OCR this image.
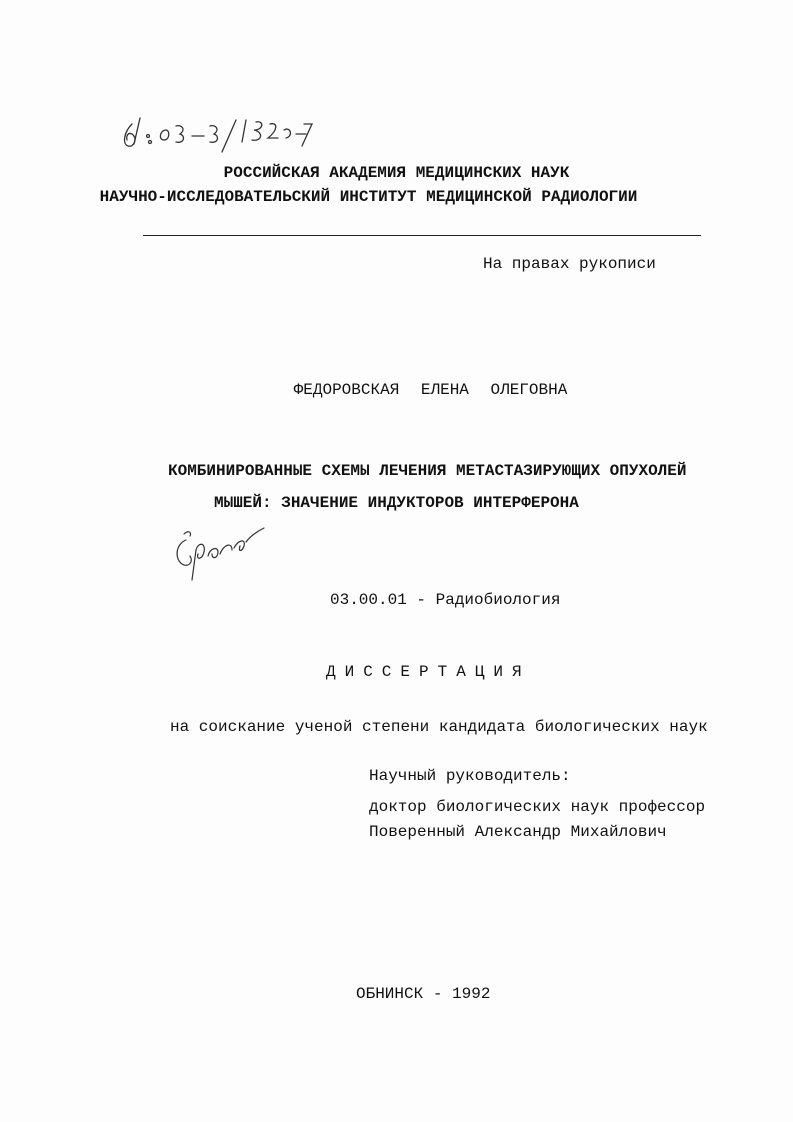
РОССИЙСКАЯ АКАДЕМИЯ МЕДИЦИНСКИХ НАУК
НАУЧНО-ИССЛЕДОВАТЕЛЬСКИЙ ИНСТИТУТ МЕДИЦИНСКОЙ РАДИОЛОГИИ
На правах рукописи
ФЕДОРОВСКАЯ ЕЛЕНА ОЛЕГОВНА
КОМБИНИРОВАННЫЕ СХЕМЫ ЛЕЧЕНИЯ МЕТАСТАЗИРУЮЩИХ ОПУХОЛЕЙ
МЫШЕЙ: ЗНАЧЕНИЕ ИНДУКТОРОВ ИНТЕРФЕРОНА
03.00.01 - Радиобиология
ДИССЕРТАЦИЯ
на соискание ученой степени кандидата биологических наук
Научный руководитель:
доктор биологических наук профессор
Поверенный Александр Михайлович
ОБНИНСК - 1992
